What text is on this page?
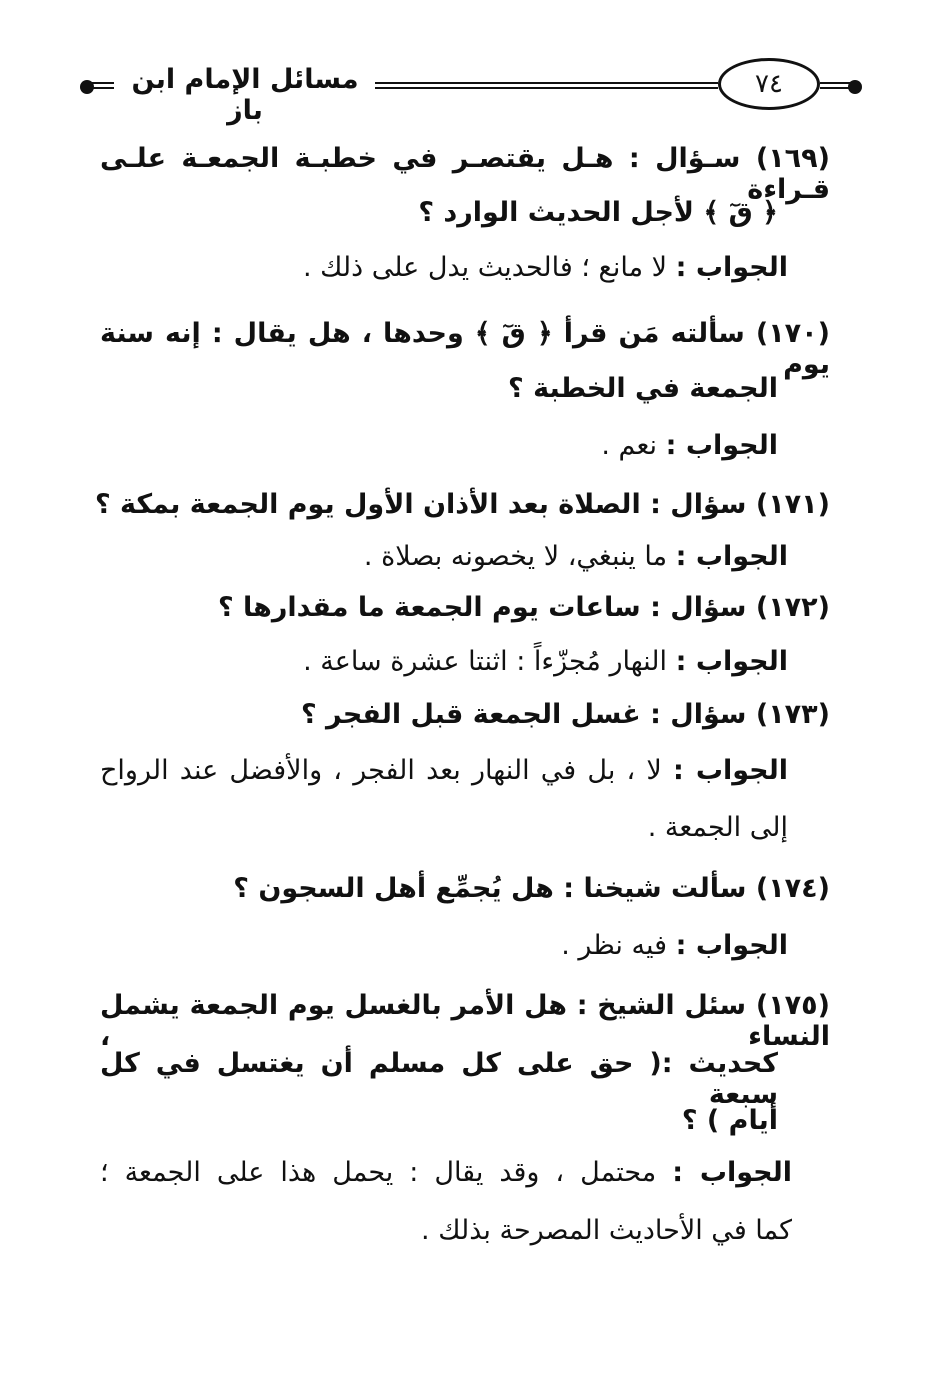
مسائل الإمام ابن باز
٧٤
(١٦٩) سـؤال : هـل يقتصـر في خطبـة الجمعـة علـى قـراءة
﴿ قٓ ﴾ لأجل الحديث الوارد ؟
الجواب : لا مانع ؛ فالحديث يدل على ذلك .
(١٧٠) سألته مَن قرأ ﴿ قٓ ﴾ وحدها ، هل يقال : إنه سنة يوم
الجمعة في الخطبة ؟
الجواب : نعم .
(١٧١) سؤال : الصلاة بعد الأذان الأول يوم الجمعة بمكة ؟
الجواب : ما ينبغي، لا يخصونه بصلاة .
(١٧٢) سؤال : ساعات يوم الجمعة ما مقدارها ؟
الجواب : النهار مُجزّءاً : اثنتا عشرة ساعة .
(١٧٣) سؤال : غسل الجمعة قبل الفجر ؟
الجواب : لا ، بل في النهار بعد الفجر ، والأفضل عند الرواح
إلى الجمعة .
(١٧٤) سألت شيخنا : هل يُجمِّع أهل السجون ؟
الجواب : فيه نظر .
(١٧٥) سئل الشيخ : هل الأمر بالغسل يوم الجمعة يشمل النساء ،
كحديث :( حق على كل مسلم أن يغتسل في كل سبعة
أيام ) ؟
الجواب : محتمل ، وقد يقال : يحمل هذا على الجمعة ؛
كما في الأحاديث المصرحة بذلك .
